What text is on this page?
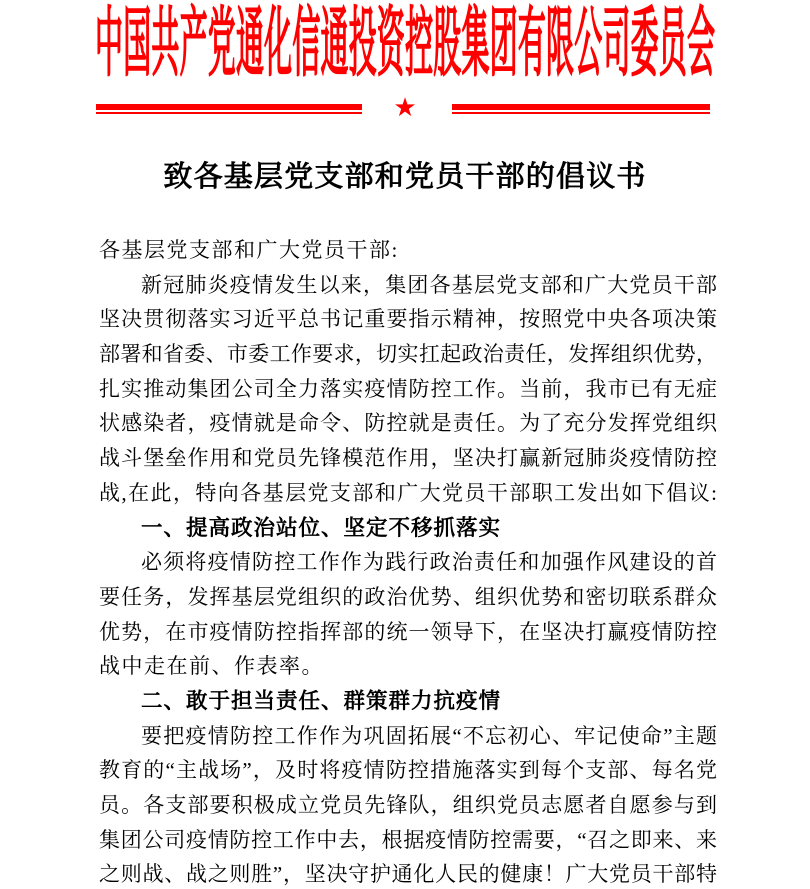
中国共产党通化信通投资控股集团有限公司委员会
★
致各基层党支部和党员干部的倡议书
各基层党支部和广大党员干部:
新冠肺炎疫情发生以来，集团各基层党支部和广大党员干部
坚决贯彻落实习近平总书记重要指示精神，按照党中央各项决策
部署和省委、市委工作要求，切实扛起政治责任，发挥组织优势，
扎实推动集团公司全力落实疫情防控工作。当前，我市已有无症
状感染者，疫情就是命令、防控就是责任。为了充分发挥党组织
战斗堡垒作用和党员先锋模范作用，坚决打赢新冠肺炎疫情防控
战,在此，特向各基层党支部和广大党员干部职工发出如下倡议:
一、提高政治站位、坚定不移抓落实
必须将疫情防控工作作为践行政治责任和加强作风建设的首
要任务，发挥基层党组织的政治优势、组织优势和密切联系群众
优势，在市疫情防控指挥部的统一领导下，在坚决打赢疫情防控
战中走在前、作表率。
二、敢于担当责任、群策群力抗疫情
要把疫情防控工作作为巩固拓展“不忘初心、牢记使命”主题
教育的“主战场”，及时将疫情防控措施落实到每个支部、每名党
员。各支部要积极成立党员先锋队，组织党员志愿者自愿参与到
集团公司疫情防控工作中去，根据疫情防控需要，“召之即来、来
之则战、战之则胜”，坚决守护通化人民的健康！广大党员干部特
